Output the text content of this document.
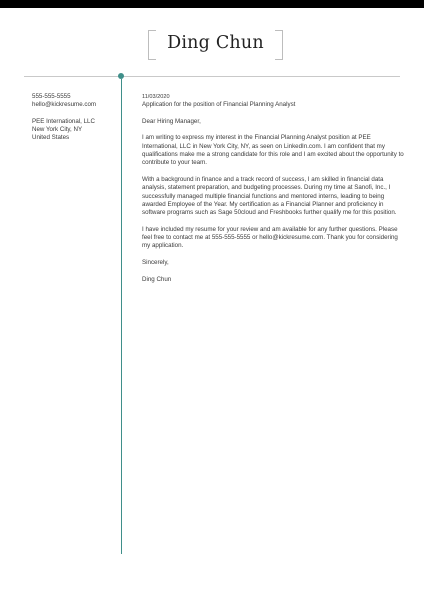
Ding Chun
555-555-5555
hello@kickresume.com
PEE International, LLC
New York City, NY
United States

11/03/2020

Application for the position of Financial Planning Analyst

Dear Hiring Manager,

I am writing to express my interest in the Financial Planning Analyst position at PEE International, LLC in New York City, NY, as seen on LinkedIn.com. I am confident that my qualifications make me a strong candidate for this role and I am excited about the opportunity to contribute to your team.

With a background in finance and a track record of success, I am skilled in financial data analysis, statement preparation, and budgeting processes. During my time at Sanofi, Inc., I successfully managed multiple financial functions and mentored interns, leading to being awarded Employee of the Year. My certification as a Financial Planner and proficiency in software programs such as Sage 50cloud and Freshbooks further qualify me for this position.

I have included my resume for your review and am available for any further questions. Please feel free to contact me at 555-555-5555 or hello@kickresume.com. Thank you for considering my application.

Sincerely,

Ding Chun
